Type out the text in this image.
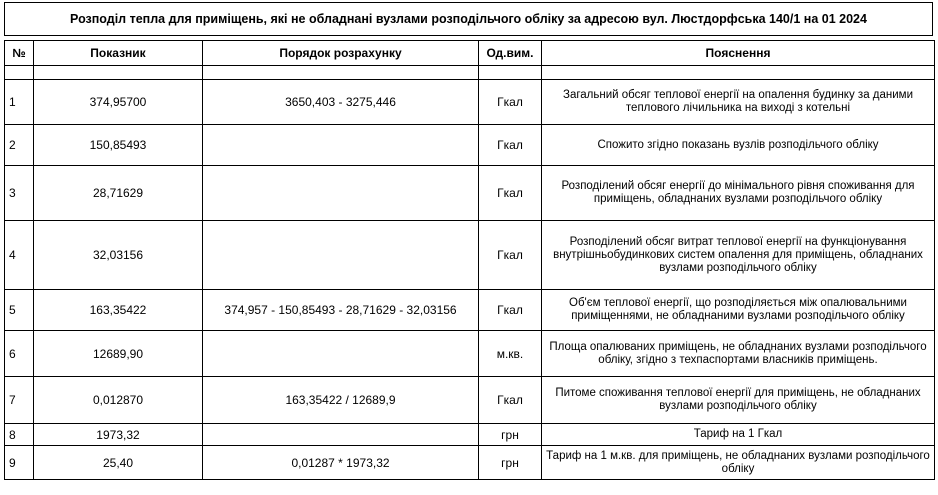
Розподіл тепла для приміщень, які не обладнані вузлами розподільчого обліку за адресою вул. Люстдорфська 140/1 на 01 2024
№	Показник	Порядок розрахунку	Од.вим.	Пояснення

1	374,95700	3650,403 - 3275,446	Гкал	Загальний обсяг теплової енергії на опалення будинку за даними теплового лічильника на виході з котельні
2	150,85493		Гкал	Спожито згідно показань вузлів розподільчого обліку
3	28,71629		Гкал	Розподілений обсяг енергії до мінімального рівня споживання для приміщень, обладнаних вузлами розподільчого обліку
4	32,03156		Гкал	Розподілений обсяг витрат теплової енергії на функціонування внутрішньобудинкових систем опалення для приміщень, обладнаних вузлами розподільчого обліку
5	163,35422	374,957 - 150,85493 - 28,71629 - 32,03156	Гкал	Об'єм теплової енергії, що розподіляється між опалювальними приміщеннями, не обладнаними вузлами розподільчого обліку
6	12689,90		м.кв.	Площа опалюваних приміщень, не обладнаних вузлами розподільчого обліку, згідно з техпаспортами власників приміщень.
7	0,012870	163,35422 / 12689,9	Гкал	Питоме споживання теплової енергії для приміщень, не обладнаних вузлами розподільчого обліку
8	1973,32		грн	Тариф на 1 Гкал
9	25,40	0,01287 * 1973,32	грн	Тариф на 1 м.кв. для приміщень, не обладнаних вузлами розподільчого обліку
